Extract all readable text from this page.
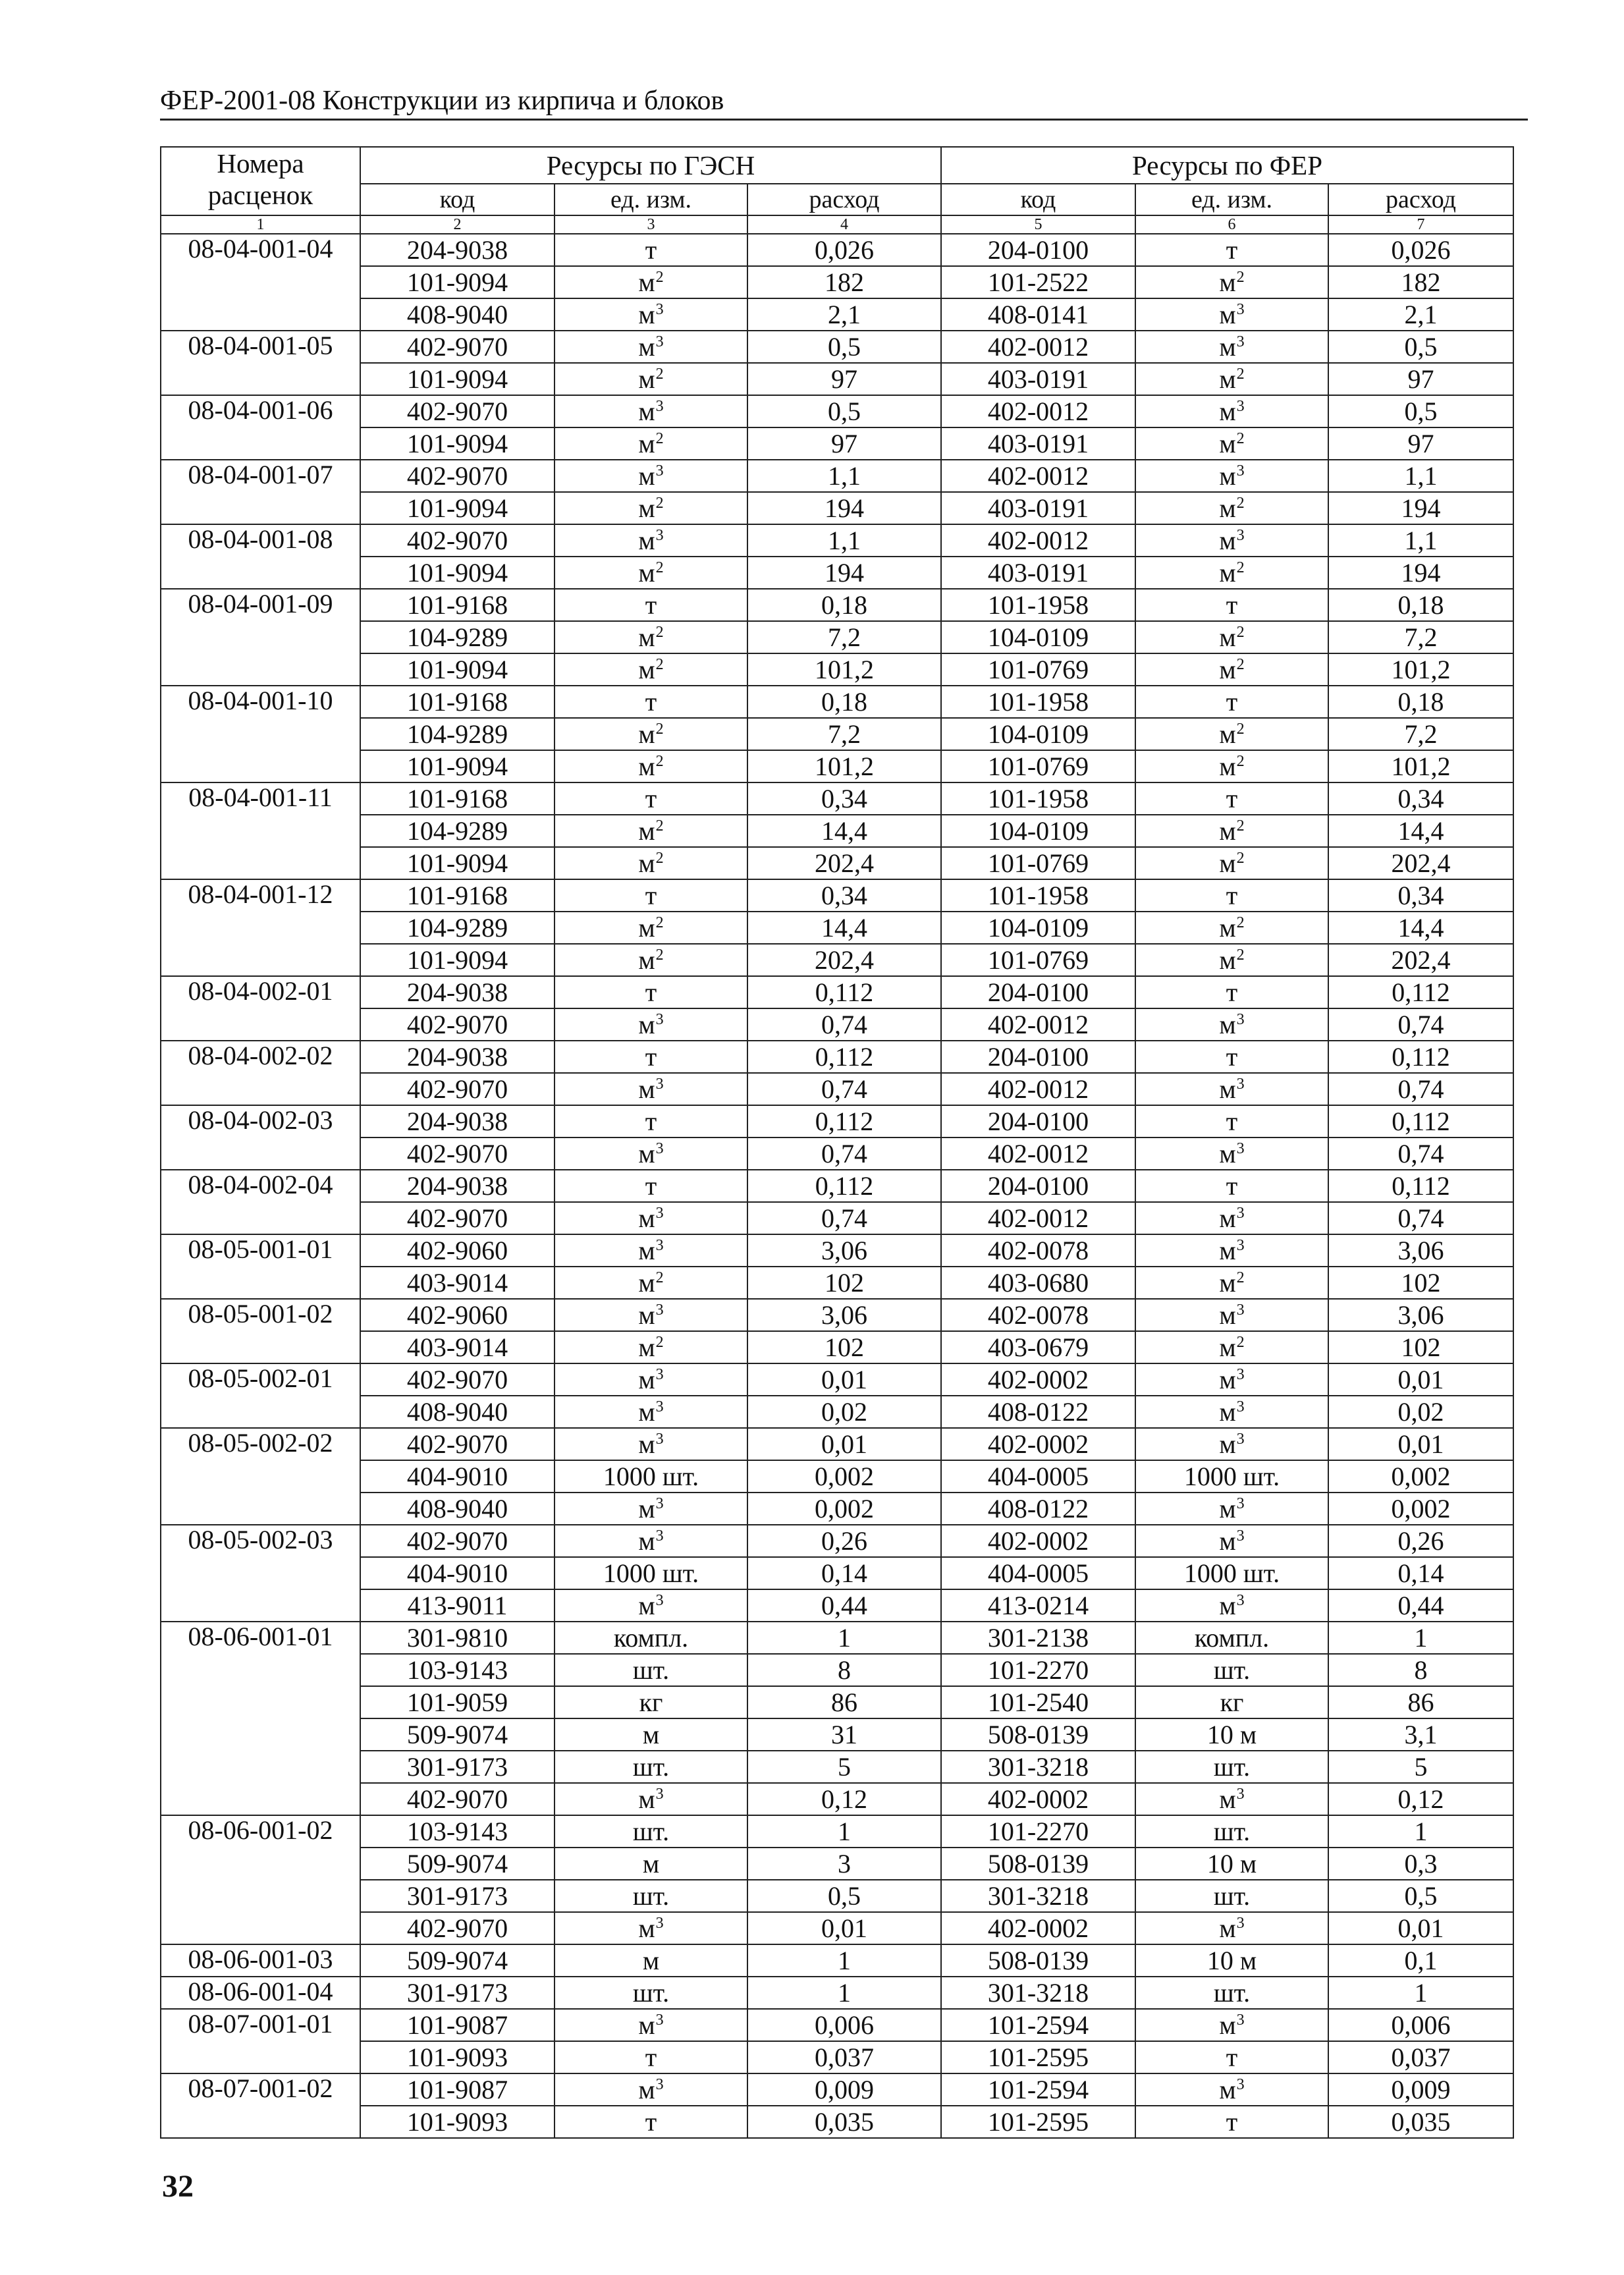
ФЕР-2001-08 Конструкции из кирпича и блоков
Номера расценок	Ресурсы по ГЭСН			Ресурсы по ФЕР		
	код	ед. изм.	расход	код	ед. изм.	расход
1	2	3	4	5	6	7
08-04-001-04	204-9038	т	0,026	204-0100	т	0,026
	101-9094	$м^2$	182	101-2522	$м^2$	182
	408-9040	$м^3$	2,1	408-0141	$м^3$	2,1
08-04-001-05	402-9070	$м^3$	0,5	402-0012	$м^3$	0,5
	101-9094	$м^2$	97	403-0191	$м^2$	97
08-04-001-06	402-9070	$м^3$	0,5	402-0012	$м^3$	0,5
	101-9094	$м^2$	97	403-0191	$м^2$	97
08-04-001-07	402-9070	$м^3$	1,1	402-0012	$м^3$	1,1
	101-9094	$м^2$	194	403-0191	$м^2$	194
08-04-001-08	402-9070	$м^3$	1,1	402-0012	$м^3$	1,1
	101-9094	$м^2$	194	403-0191	$м^2$	194
08-04-001-09	101-9168	т	0,18	101-1958	т	0,18
	104-9289	$м^2$	7,2	104-0109	$м^2$	7,2
	101-9094	$м^2$	101,2	101-0769	$м^2$	101,2
08-04-001-10	101-9168	т	0,18	101-1958	т	0,18
	104-9289	$м^2$	7,2	104-0109	$м^2$	7,2
	101-9094	$м^2$	101,2	101-0769	$м^2$	101,2
08-04-001-11	101-9168	т	0,34	101-1958	т	0,34
	104-9289	$м^2$	14,4	104-0109	$м^2$	14,4
	101-9094	$м^2$	202,4	101-0769	$м^2$	202,4
08-04-001-12	101-9168	т	0,34	101-1958	т	0,34
	104-9289	$м^2$	14,4	104-0109	$м^2$	14,4
	101-9094	$м^2$	202,4	101-0769	$м^2$	202,4
08-04-002-01	204-9038	т	0,112	204-0100	т	0,112
	402-9070	$м^3$	0,74	402-0012	$м^3$	0,74
08-04-002-02	204-9038	т	0,112	204-0100	т	0,112
	402-9070	$м^3$	0,74	402-0012	$м^3$	0,74
08-04-002-03	204-9038	т	0,112	204-0100	т	0,112
	402-9070	$м^3$	0,74	402-0012	$м^3$	0,74
08-04-002-04	204-9038	т	0,112	204-0100	т	0,112
	402-9070	$м^3$	0,74	402-0012	$м^3$	0,74
08-05-001-01	402-9060	$м^3$	3,06	402-0078	$м^3$	3,06
	403-9014	$м^2$	102	403-0680	$м^2$	102
08-05-001-02	402-9060	$м^3$	3,06	402-0078	$м^3$	3,06
	403-9014	$м^2$	102	403-0679	$м^2$	102
08-05-002-01	402-9070	$м^3$	0,01	402-0002	$м^3$	0,01
	408-9040	$м^3$	0,02	408-0122	$м^3$	0,02
08-05-002-02	402-9070	$м^3$	0,01	402-0002	$м^3$	0,01
	404-9010	1000 шт.	0,002	404-0005	1000 шт.	0,002
	408-9040	$м^3$	0,002	408-0122	$м^3$	0,002
08-05-002-03	402-9070	$м^3$	0,26	402-0002	$м^3$	0,26
	404-9010	1000 шт.	0,14	404-0005	1000 шт.	0,14
	413-9011	$м^3$	0,44	413-0214	$м^3$	0,44
08-06-001-01	301-9810	компл.	1	301-2138	компл.	1
	103-9143	шт.	8	101-2270	шт.	8
	101-9059	кг	86	101-2540	кг	86
	509-9074	м	31	508-0139	10 м	3,1
	301-9173	шт.	5	301-3218	шт.	5
	402-9070	$м^3$	0,12	402-0002	$м^3$	0,12
08-06-001-02	103-9143	шт.	1	101-2270	шт.	1
	509-9074	м	3	508-0139	10 м	0,3
	301-9173	шт.	0,5	301-3218	шт.	0,5
	402-9070	$м^3$	0,01	402-0002	$м^3$	0,01
08-06-001-03	509-9074	м	1	508-0139	10 м	0,1
08-06-001-04	301-9173	шт.	1	301-3218	шт.	1
08-07-001-01	101-9087	$м^3$	0,006	101-2594	$м^3$	0,006
	101-9093	т	0,037	101-2595	т	0,037
08-07-001-02	101-9087	$м^3$	0,009	101-2594	$м^3$	0,009
	101-9093	т	0,035	101-2595	т	0,035
32
